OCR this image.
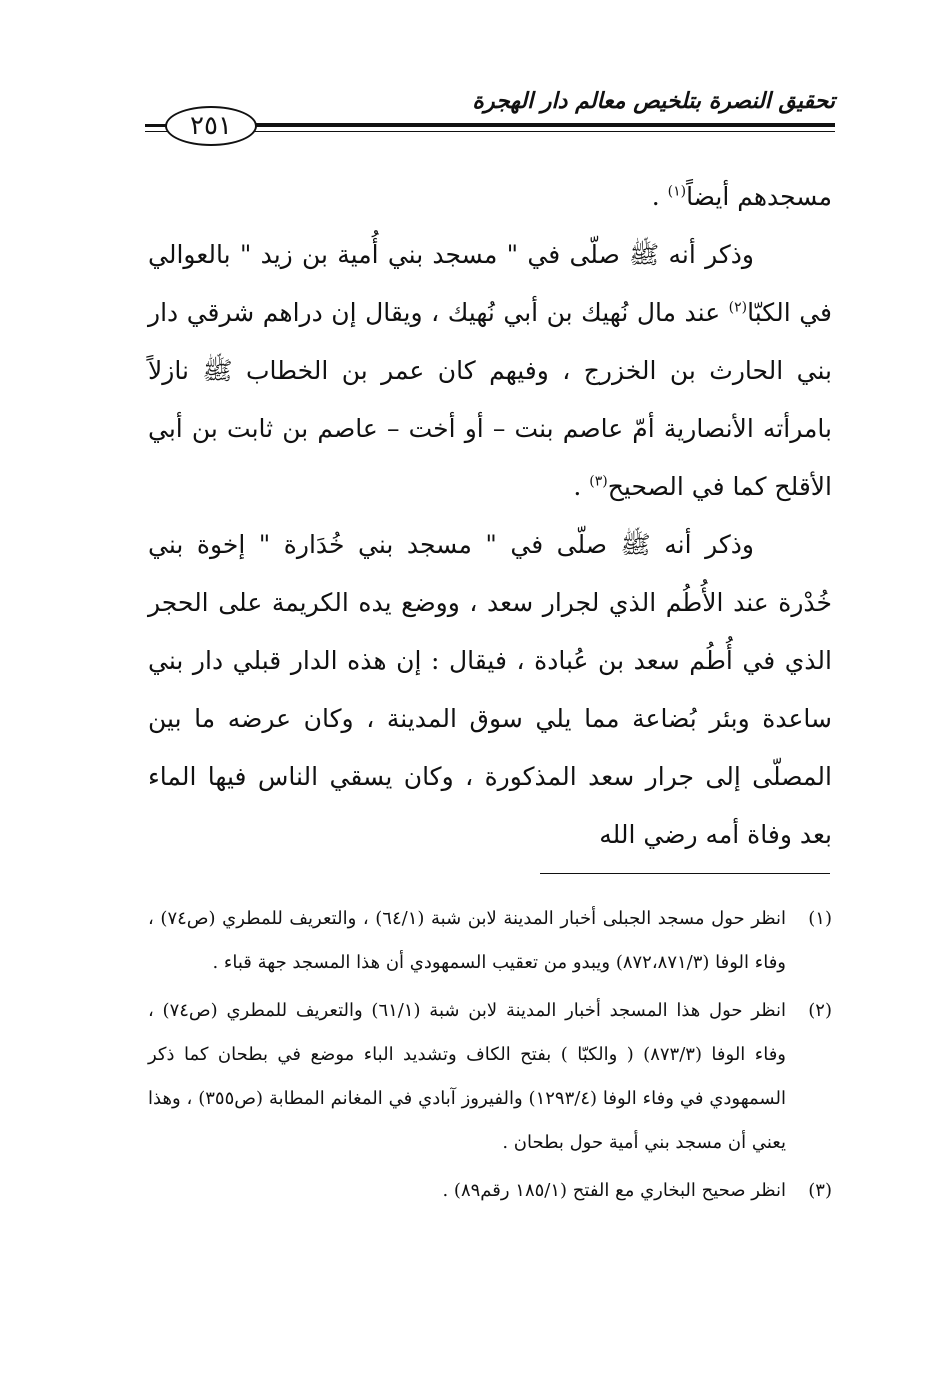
تحقيق النصرة بتلخيص معالم دار الهجرة
٢٥١

مسجدهم أيضاً$^{(١)}$ .

وذكر أنه ﷺ صلّى في " مسجد بني أُمية بن زيد " بالعوالي في الكبّا$^{(٢)}$ عند مال نُهيك بن أبي نُهيك ، ويقال إن دراهم شرقي دار بني الحارث بن الخزرج ، وفيهم كان عمر بن الخطاب ﷺ نازلاً بامرأته الأنصارية أمّ عاصم بنت – أو أخت – عاصم بن ثابت بن أبي الأقلح كما في الصحيح$^{(٣)}$ .

وذكر أنه ﷺ صلّى في " مسجد بني خُدَارة " إخوة بني خُدْرة عند الأُطُم الذي لجرار سعد ، ووضع يده الكريمة على الحجر الذي في أُطُم سعد بن عُبادة ، فيقال : إن هذه الدار قبلي دار بني ساعدة وبئر بُضاعة مما يلي سوق المدينة ، وكان عرضه ما بين المصلّى إلى جرار سعد المذكورة ، وكان يسقي الناس فيها الماء بعد وفاة أمه رضي الله

(١)
انظر حول مسجد الجبلى أخبار المدينة لابن شبة (٦٤/١) ، والتعريف للمطري (ص٧٤) ، وفاء الوفا (٨٧٢،٨٧١/٣) ويبدو من تعقيب السمهودي أن هذا المسجد جهة قباء .
(٢)
انظر حول هذا المسجد أخبار المدينة لابن شبة (٦١/١) والتعريف للمطري (ص٧٤) ، وفاء الوفا (٨٧٣/٣) ( والكبّا ) بفتح الكاف وتشديد الباء موضع في بطحان كما ذكر السمهودي في وفاء الوفا (١٢٩٣/٤) والفيروز آبادي في المغانم المطابة (ص٣٥٥) ، وهذا يعني أن مسجد بني أمية حول بطحان .
(٣)
انظر صحيح البخاري مع الفتح (١٨٥/١ رقم٨٩) .
